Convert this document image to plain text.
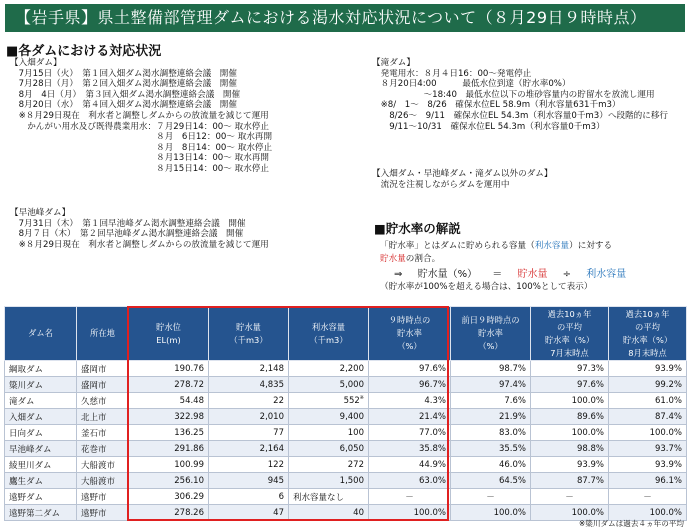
【岩手県】県土整備部管理ダムにおける渇水対応状況について（８月29日９時時点）
■各ダムにおける対応状況
【入畑ダム】
　7月15日（火）　第１回入畑ダム渇水調整連絡会議　開催
　7月28日（月）　第２回入畑ダム渇水調整連絡会議　開催
　8月　4日（月）　第３回入畑ダム渇水調整連絡会議　開催
　8月20日（水）　第４回入畑ダム渇水調整連絡会議　開催
　※８月29日現在　利水者と調整しダムからの放流量を減じて運用
　　かんがい用水及び既得農業用水：７月29日14：00～ 取水停止
　　　　　　　　　　　　　　　　　８月　6日12：00～ 取水再開
　　　　　　　　　　　　　　　　　８月　8日14：00～ 取水停止
　　　　　　　　　　　　　　　　　８月13日14：00～ 取水再開
　　　　　　　　　　　　　　　　　８月15日14：00～ 取水停止
【早池峰ダム】
　7月31日（木）　第１回早池峰ダム渇水調整連絡会議　開催
　8月７日（木）　第２回早池峰ダム渇水調整連絡会議　開催
　※８月29日現在　利水者と調整しダムからの放流量を減じて運用
【滝ダム】
　発電用水：８月４日16：00～発電停止
　８月20日4:00　　　最低水位到達（貯水率0%）
　　　　　　～18:40　最低水位以下の堆砂容量内の貯留水を放流し運用
　※8/　1～　8/26　確保水位EL 58.9m（利水容量631千m3）
　　8/26～　9/11　確保水位EL 54.3m（利水容量0千m3）へ段階的に移行
　　9/11～10/31　確保水位EL 54.3m（利水容量0千m3）
【入畑ダム・早池峰ダム・滝ダム以外のダム】
　流況を注視しながらダムを運用中
■貯水率の解説
「貯水率」とはダムに貯められる容量（利水容量）に対する
貯水量の割合。
⇒ 貯水量（%） ＝ 貯水量 ÷ 利水容量
（貯水率が100%を超える場合は、100%として表示）
ダム名	所在地	貯水位
EL(m)	貯水量
（千m3）	利水容量
（千m3）	９時時点の
貯水率
（%）	前日９時時点の
貯水率
（%）	過去10ヵ年
の平均
貯水率（%）
7月末時点	過去10ヵ年
の平均
貯水率（%）
8月末時点
綱取ダム	盛岡市	190.76	2,148	2,200	97.6%	98.7%	97.3%	93.9%
簗川ダム	盛岡市	278.72	4,835	5,000	96.7%	97.4%	97.6%	99.2%
滝ダム	久慈市	54.48	22	552※	4.3%	7.6%	100.0%	61.0%
入畑ダム	北上市	322.98	2,010	9,400	21.4%	21.9%	89.6%	87.4%
日向ダム	釜石市	136.25	77	100	77.0%	83.0%	100.0%	100.0%
早池峰ダム	花巻市	291.86	2,164	6,050	35.8%	35.5%	98.8%	93.7%
綾里川ダム	大船渡市	100.99	122	272	44.9%	46.0%	93.9%	93.9%
鷹生ダム	大船渡市	256.10	945	1,500	63.0%	64.5%	87.7%	96.1%
遠野ダム	遠野市	306.29	6	利水容量なし	－	－	－	－
遠野第二ダム	遠野市	278.26	47	40	100.0%	100.0%	100.0%	100.0%
※簗川ダムは過去４ヵ年の平均
